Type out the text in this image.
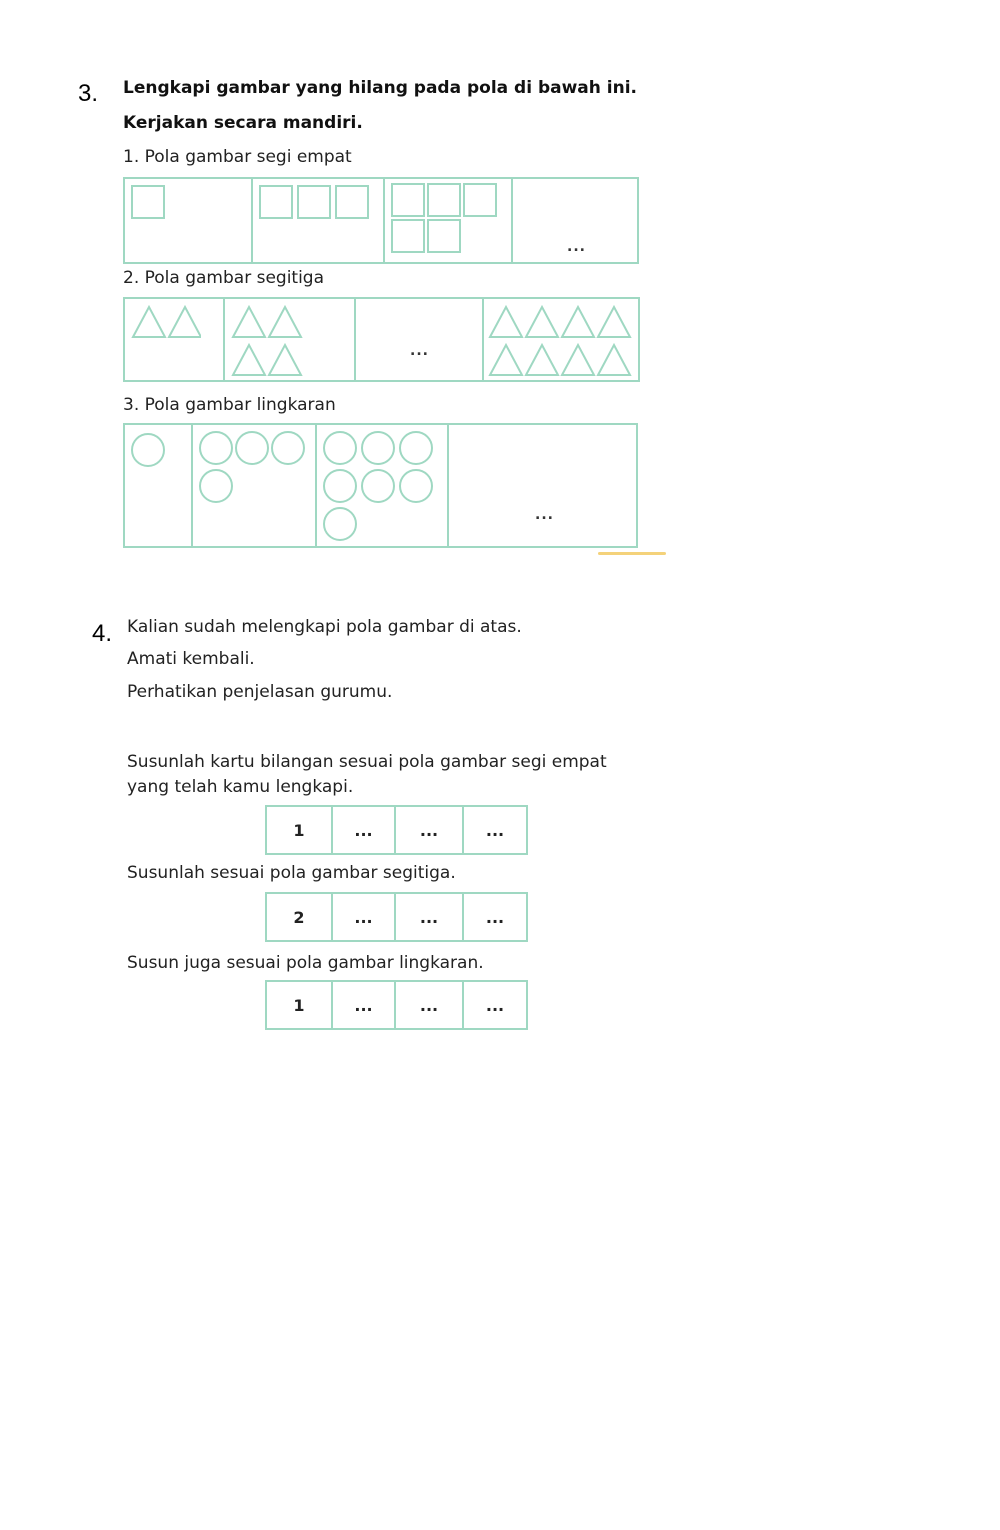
3. Lengkapi gambar yang hilang pada pola di bawah ini.
Kerjakan secara mandiri.
1. Pola gambar segi empat
...
2. Pola gambar segitiga
...
3. Pola gambar lingkaran
...
4. Kalian sudah melengkapi pola gambar di atas.
Amati kembali.
Perhatikan penjelasan gurumu.
Susunlah kartu bilangan sesuai pola gambar segi empat yang telah kamu lengkapi.
1	...	...	...
Susunlah sesuai pola gambar segitiga.
2	...	...	...
Susun juga sesuai pola gambar lingkaran.
1	...	...	...
